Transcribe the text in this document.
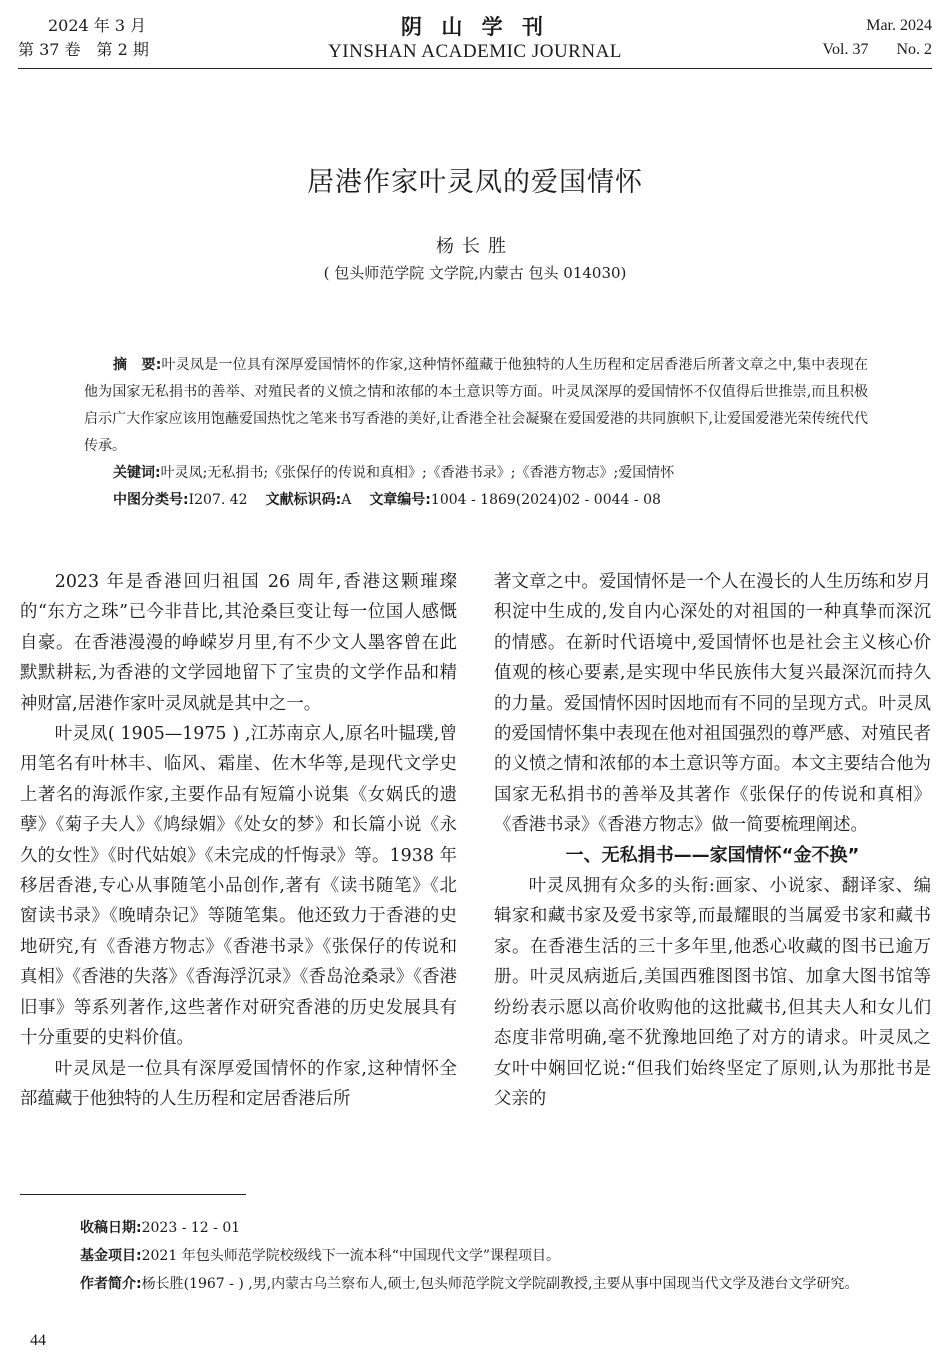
2024 年 3 月
第 37 卷　第 2 期
阴 山 学 刊
YINSHAN ACADEMIC JOURNAL
Mar. 2024
Vol. 37 No. 2
居港作家叶灵凤的爱国情怀
杨长胜
( 包头师范学院 文学院,内蒙古 包头 014030)

摘　要:叶灵凤是一位具有深厚爱国情怀的作家,这种情怀蕴藏于他独特的人生历程和定居香港后所著文章之中,集中表现在他为国家无私捐书的善举、对殖民者的义愤之情和浓郁的本土意识等方面。叶灵凤深厚的爱国情怀不仅值得后世推崇,而且积极启示广大作家应该用饱蘸爱国热忱之笔来书写香港的美好,让香港全社会凝聚在爱国爱港的共同旗帜下,让爱国爱港光荣传统代代传承。

关键词:叶灵凤;无私捐书;《张保仔的传说和真相》;《香港书录》;《香港方物志》;爱国情怀
中图分类号:I207. 42 文献标识码:A 文章编号:1004 - 1869(2024)02 - 0044 - 08

2023 年是香港回归祖国 26 周年,香港这颗璀璨的“东方之珠”已今非昔比,其沧桑巨变让每一位国人感慨自豪。在香港漫漫的峥嵘岁月里,有不少文人墨客曾在此默默耕耘,为香港的文学园地留下了宝贵的文学作品和精神财富,居港作家叶灵凤就是其中之一。

叶灵凤( 1905—1975 ) ,江苏南京人,原名叶韫璞,曾用笔名有叶林丰、临风、霜崖、佐木华等,是现代文学史上著名的海派作家,主要作品有短篇小说集《女娲氏的遗孽》《菊子夫人》《鸠绿媚》《处女的梦》和长篇小说《永久的女性》《时代姑娘》《未完成的忏悔录》等。1938 年移居香港,专心从事随笔小品创作,著有《读书随笔》《北窗读书录》《晚晴杂记》等随笔集。他还致力于香港的史地研究,有《香港方物志》《香港书录》《张保仔的传说和真相》《香港的失落》《香海浮沉录》《香岛沧桑录》《香港旧事》等系列著作,这些著作对研究香港的历史发展具有十分重要的史料价值。

叶灵凤是一位具有深厚爱国情怀的作家,这种情怀全部蕴藏于他独特的人生历程和定居香港后所

著文章之中。爱国情怀是一个人在漫长的人生历练和岁月积淀中生成的,发自内心深处的对祖国的一种真挚而深沉的情感。在新时代语境中,爱国情怀也是社会主义核心价值观的核心要素,是实现中华民族伟大复兴最深沉而持久的力量。爱国情怀因时因地而有不同的呈现方式。叶灵凤的爱国情怀集中表现在他对祖国强烈的尊严感、对殖民者的义愤之情和浓郁的本土意识等方面。本文主要结合他为国家无私捐书的善举及其著作《张保仔的传说和真相》《香港书录》《香港方物志》做一简要梳理阐述。

一、无私捐书——家国情怀“金不换”

叶灵凤拥有众多的头衔:画家、小说家、翻译家、编辑家和藏书家及爱书家等,而最耀眼的当属爱书家和藏书家。在香港生活的三十多年里,他悉心收藏的图书已逾万册。叶灵凤病逝后,美国西雅图图书馆、加拿大图书馆等纷纷表示愿以高价收购他的这批藏书,但其夫人和女儿们态度非常明确,毫不犹豫地回绝了对方的请求。叶灵凤之女叶中娴回忆说:“但我们始终坚定了原则,认为那批书是父亲的

收稿日期:2023 - 12 - 01
基金项目:2021 年包头师范学院校级线下一流本科“中国现代文学”课程项目。
作者简介: 杨长胜(1967 - ) ,男,内蒙古乌兰察布人,硕士,包头师范学院文学院副教授,主要从事中国现当代文学及港台文学研究。
44
